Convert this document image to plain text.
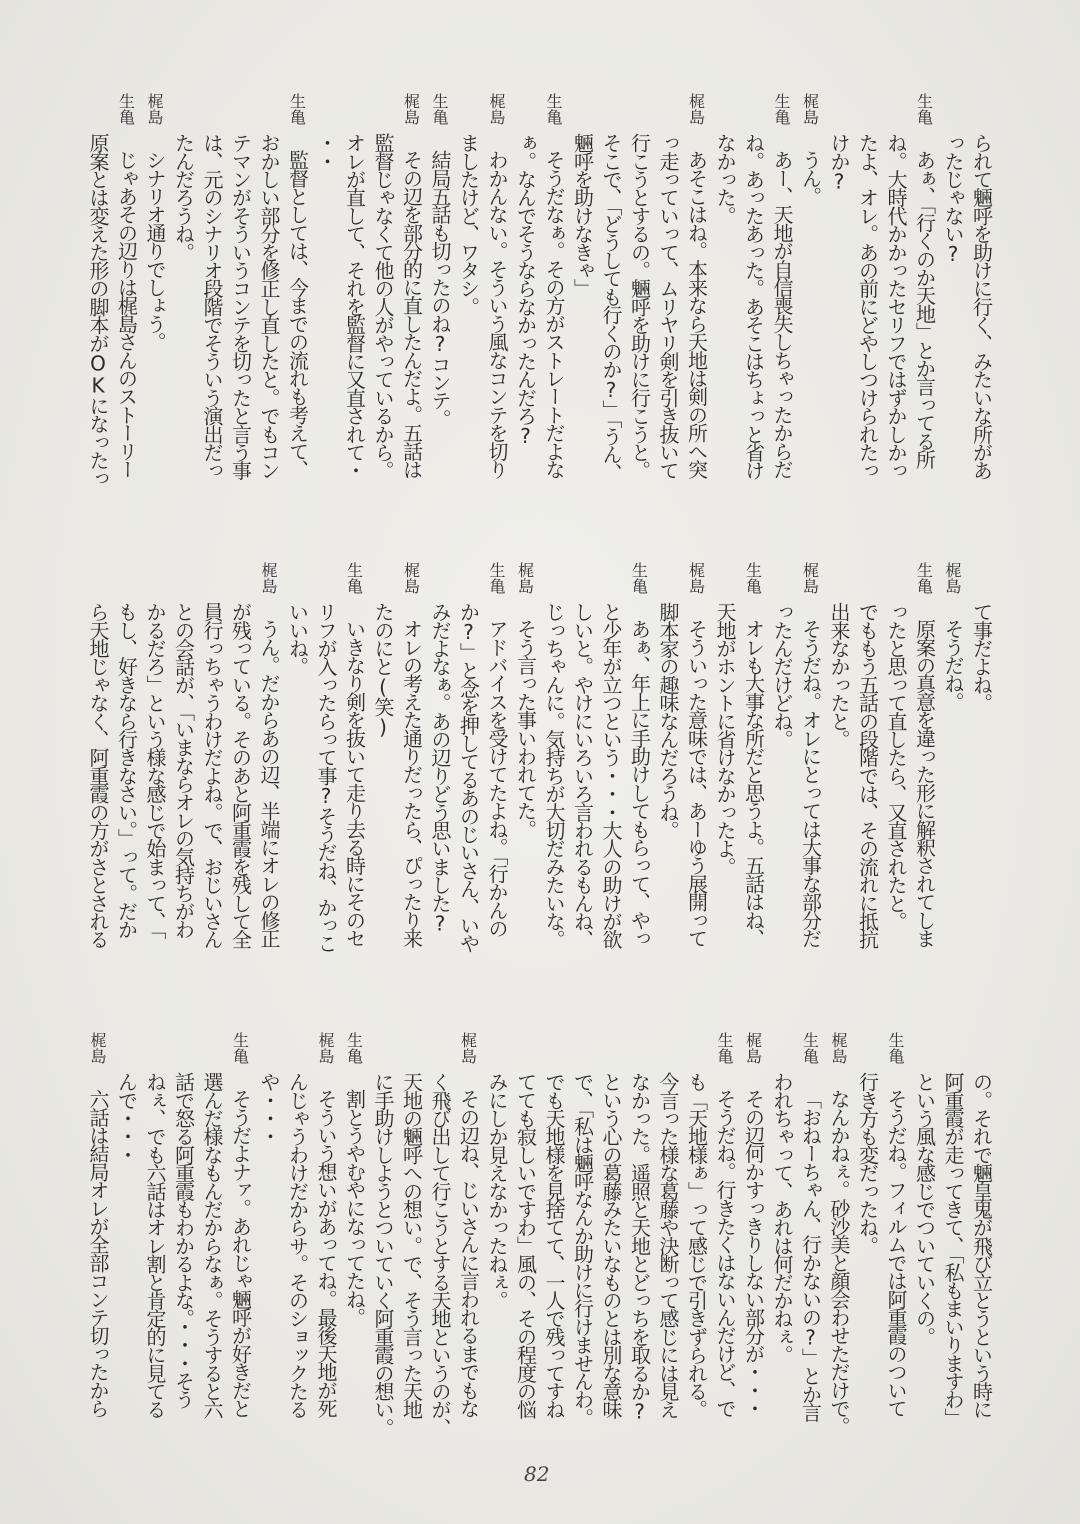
られて魎呼を助けに行く、みたいな所があ
ったじゃない?
生亀
あぁ、「行くのか天地」とか言ってる所
ね。大時代かかったセリフではずかしかっ
たよ、オレ。あの前にどやしつけられたっ
けか?
梶島
うん。
生亀
あー、天地が自信喪失しちゃったからだ
ね。あったあった。あそこはちょっと省け
なかった。
梶島
あそこはね。本来なら天地は剣の所へ突
っ走っていって、ムリヤリ剣を引き抜いて
行こうとするの。魎呼を助けに行こうと。
そこで、「どうしても行くのか?」「うん、
魎呼を助けなきゃ」
生亀
そうだなぁ。その方がストレートだよな
ぁ。なんでそうならなかったんだろ?
梶島
わかんない。そういう風なコンテを切り
ましたけど、ワタシ。
生亀
結局五話も切ったのね?コンテ。
梶島
その辺を部分的に直したんだよ。五話は
監督じゃなくて他の人がやっているから。
オレが直して、それを監督に又直されて・
・・
生亀
監督としては、今までの流れも考えて、
おかしい部分を修正し直したと。でもコン
テマンがそういうコンテを切ったと言う事
は、元のシナリオ段階でそういう演出だっ
たんだろうね。
梶島
シナリオ通りでしょう。
生亀
じゃあその辺りは梶島さんのストーリー
原案とは変えた形の脚本がOKになったっ
て事だよね。
梶島
そうだね。
生亀
原案の真意を違った形に解釈されてしま
ったと思って直したら、又直されたと。
でももう五話の段階では、その流れに抵抗
出来なかったと。
梶島
そうだね。オレにとっては大事な部分だ
ったんだけどね。
生亀
オレも大事な所だと思うよ。五話はね、
天地がホントに省けなかったよ。
梶島
そういった意味では、あーゆう展開って
脚本家の趣味なんだろうね。
生亀
あぁ、年上に手助けしてもらって、やっ
と少年が立つという・・・大人の助けが欲
しいと。やけにいろいろ言われるもんね、
じっちゃんに。気持ちが大切だみたいな。
梶島
そう言った事いわれてた。
生亀
アドバイスを受けてたよね。「行かんの
か?」と念を押してるあのじいさん、いや
みだよなぁ。あの辺りどう思いました?
梶島
オレの考えた通りだったら、ぴったり来
たのにと(笑)
生亀
いきなり剣を抜いて走り去る時にそのセ
リフが入ったらって事?そうだね、かっこ
いいね。
梶島
うん。だからあの辺、半端にオレの修正
が残っている。そのあと阿重霞を残して全
員行っちゃうわけだよね。で、おじいさん
との会話が、「いまならオレの気持ちがわ
かるだろ」という様な感じで始まって、「
もし、好きなら行きなさい。」って。だか
ら天地じゃなく、阿重霞の方がさとされる
の。それで魎皇鬼が飛び立とうという時に
阿重霞が走ってきて、「私もまいりますわ」
という風な感じでついていくの。
生亀
そうだね。フィルムでは阿重霞のついて
行き方も変だったね。
梶島
なんかねぇ。砂沙美と顔会わせただけで。
生亀
「おねーちゃん、行かないの?」とか言
われちゃって、あれは何だかねぇ。
梶島
その辺何かすっきりしない部分が・・・
生亀
そうだね。行きたくはないんだけど、で
も「天地様ぁ」って感じで引きずられる。
今言った様な葛藤や決断って感じには見え
なかった。遥照と天地とどっちを取るか?
という心の葛藤みたいなものとは別な意味
で、「私は魎呼なんか助けに行けませんわ。
でも天地様を見捨てて、一人で残ってすね
てても寂しいですわ」風の、その程度の悩
みにしか見えなかったねぇ。
梶島
その辺ね、じいさんに言われるまでもな
く飛び出して行こうとする天地というのが、
天地の魎呼への想い。で、そう言った天地
に手助けしようとついていく阿重霞の想い。
生亀
割とうやむやになってたね。
梶島
そういう想いがあってね。最後天地が死
んじゃうわけだからサ。そのショックたる
や・・・
生亀
そうだよナァ。あれじゃ魎呼が好きだと
選んだ様なもんだからなぁ。そうすると六
話で怒る阿重霞もわかるよな。・・・そう
ねぇ、でも六話はオレ割と肯定的に見てる
んで・・・
梶島
六話は結局オレが全部コンテ切ったから
82
